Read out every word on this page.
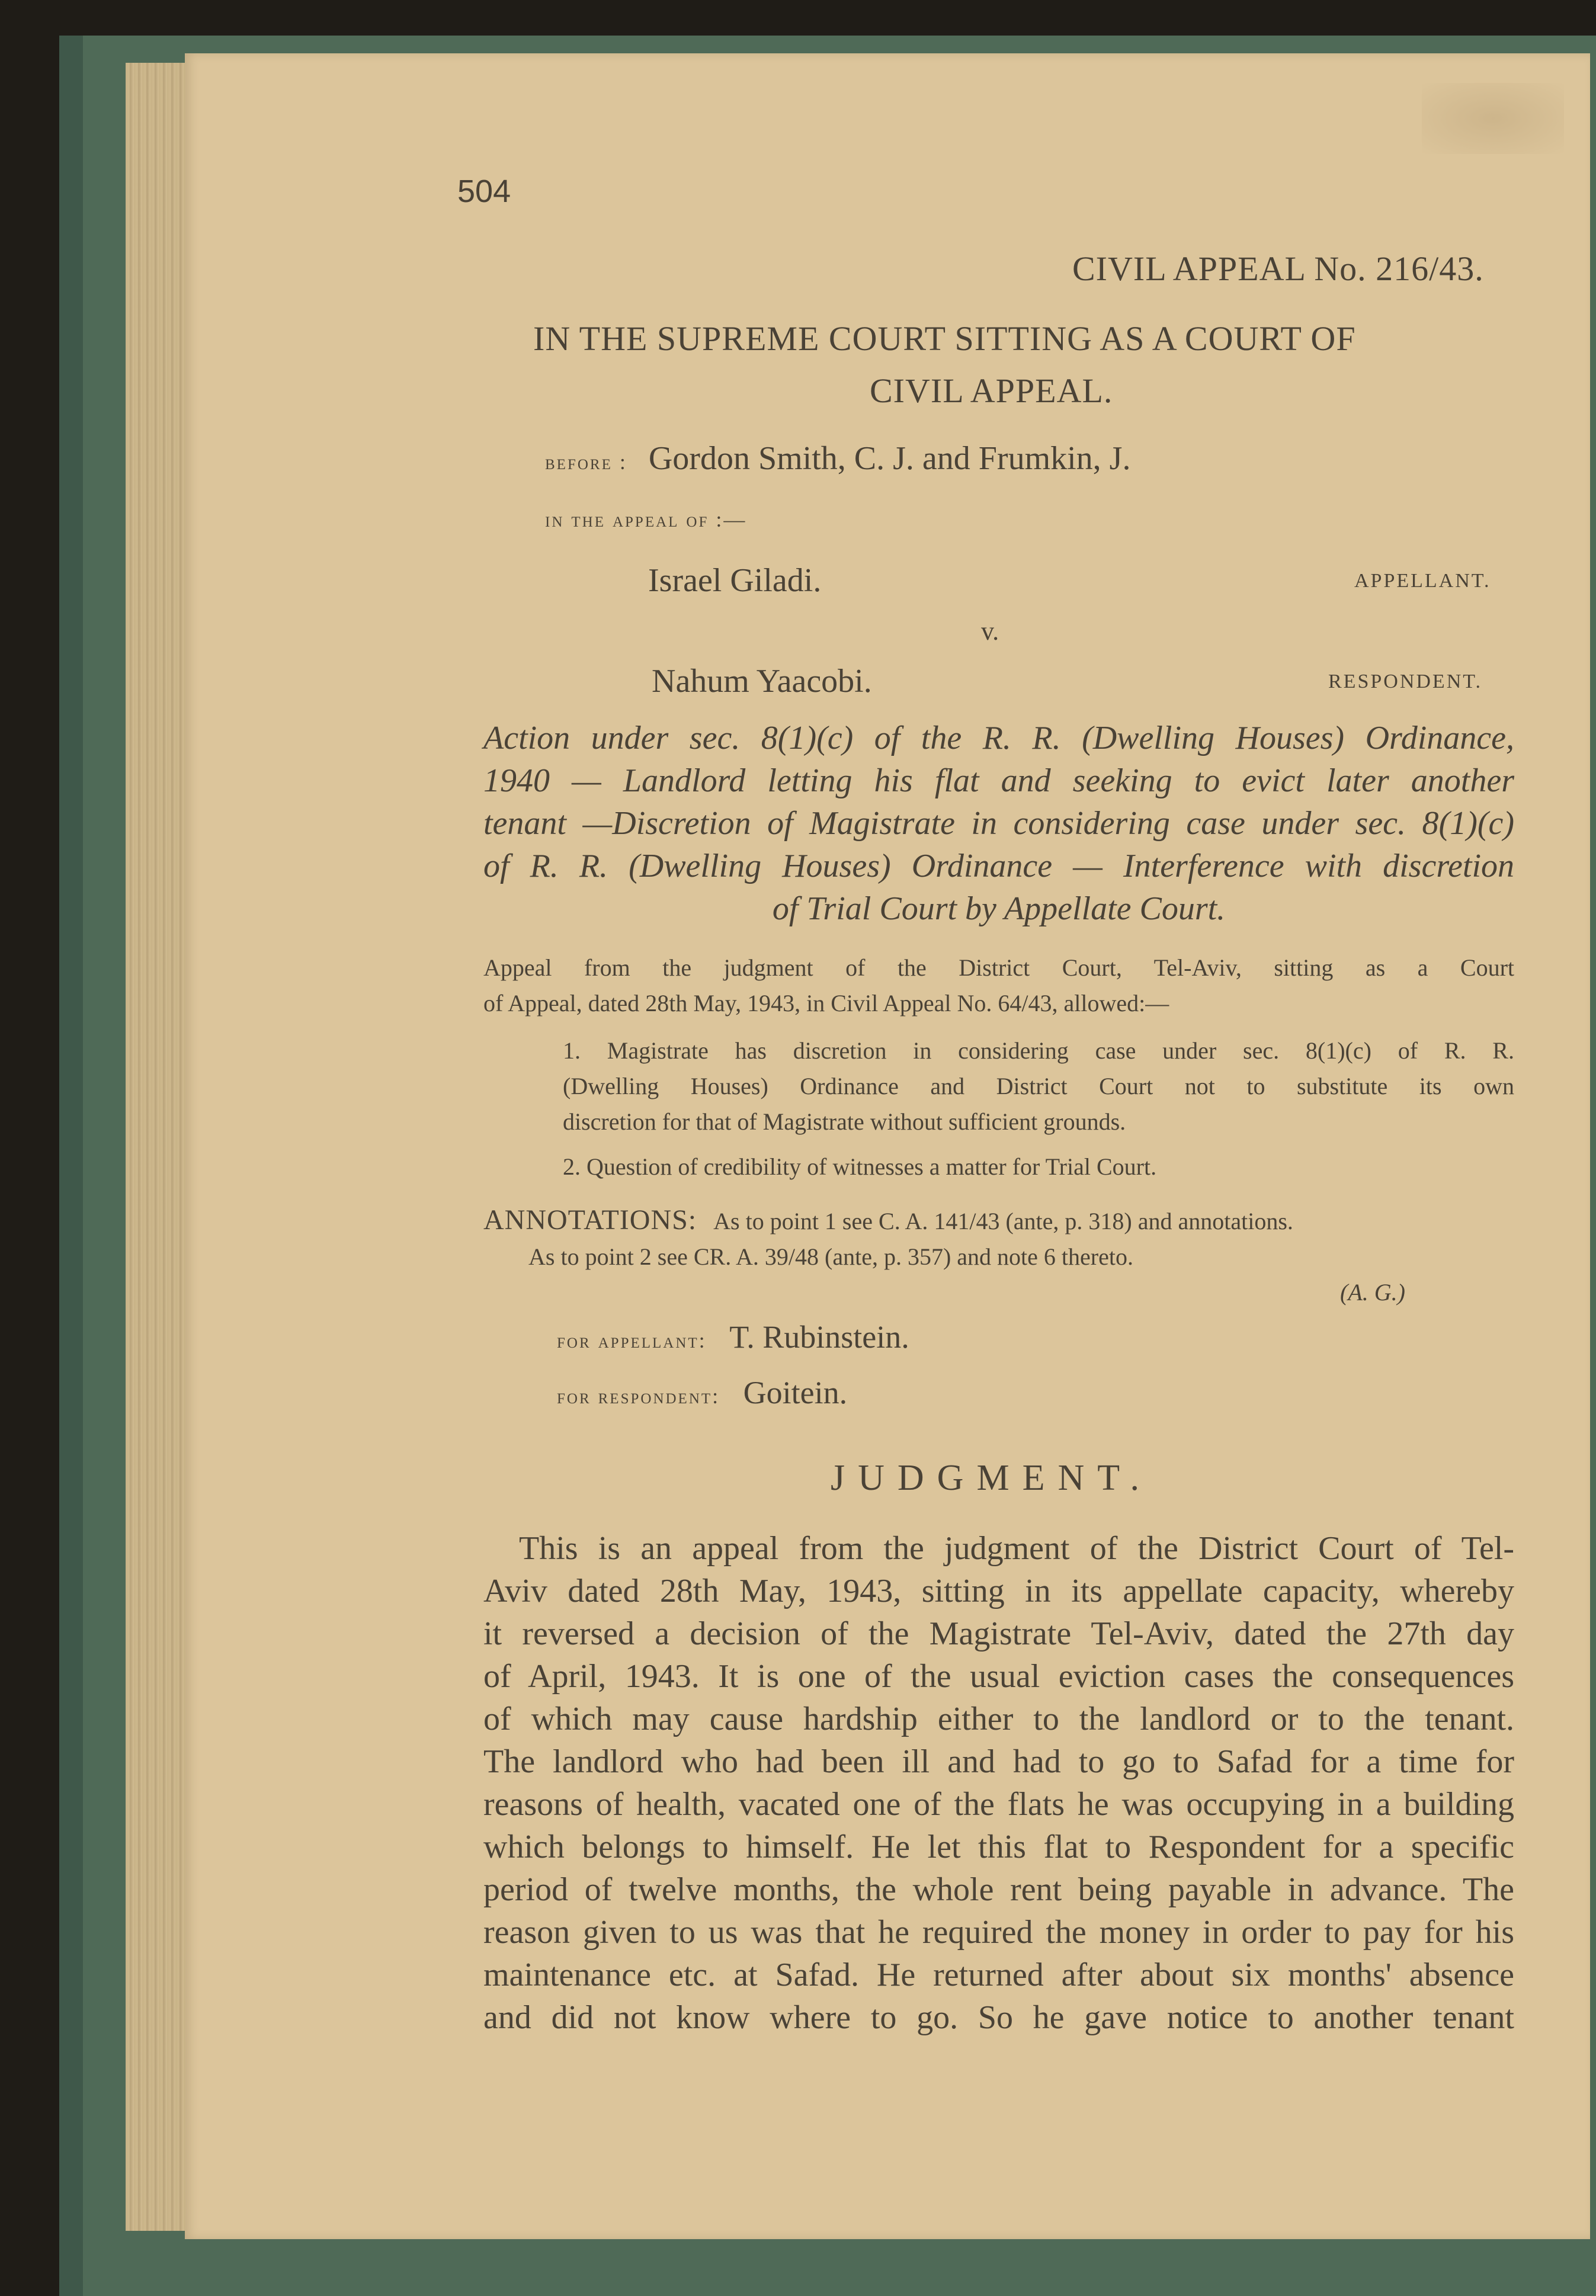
504
CIVIL APPEAL No. 216/43.
IN THE SUPREME COURT SITTING AS A COURT OF
CIVIL APPEAL.
before : Gordon Smith, C. J. and Frumkin, J.
in the appeal of :—
Israel Giladi.	APPELLANT.
v.
Nahum Yaacobi.	RESPONDENT.
Action under sec. 8(1)(c) of the R. R. (Dwelling Houses) Ordinance,
1940 — Landlord letting his flat and seeking to evict later another
tenant —Discretion of Magistrate in considering case under sec. 8(1)(c)
of R. R. (Dwelling Houses) Ordinance — Interference with discretion
of Trial Court by Appellate Court.
Appeal from the judgment of the District Court, Tel-Aviv, sitting as a Court
of Appeal, dated 28th May, 1943, in Civil Appeal No. 64/43, allowed:—
1. Magistrate has discretion in considering case under sec. 8(1)(c) of R. R.
(Dwelling Houses) Ordinance and District Court not to substitute its own
discretion for that of Magistrate without sufficient grounds.
2. Question of credibility of witnesses a matter for Trial Court.
ANNOTATIONS: As to point 1 see C. A. 141/43 (ante, p. 318) and annotations.
As to point 2 see CR. A. 39/48 (ante, p. 357) and note 6 thereto.
(A. G.)
for appellant: T. Rubinstein.
for respondent: Goitein.
JUDGMENT.
This is an appeal from the judgment of the District Court of Tel-
Aviv dated 28th May, 1943, sitting in its appellate capacity, whereby
it reversed a decision of the Magistrate Tel-Aviv, dated the 27th day
of April, 1943. It is one of the usual eviction cases the consequences
of which may cause hardship either to the landlord or to the tenant.
The landlord who had been ill and had to go to Safad for a time for
reasons of health, vacated one of the flats he was occupying in a building
which belongs to himself. He let this flat to Respondent for a specific
period of twelve months, the whole rent being payable in advance. The
reason given to us was that he required the money in order to pay for his
maintenance etc. at Safad. He returned after about six months' absence
and did not know where to go. So he gave notice to another tenant
